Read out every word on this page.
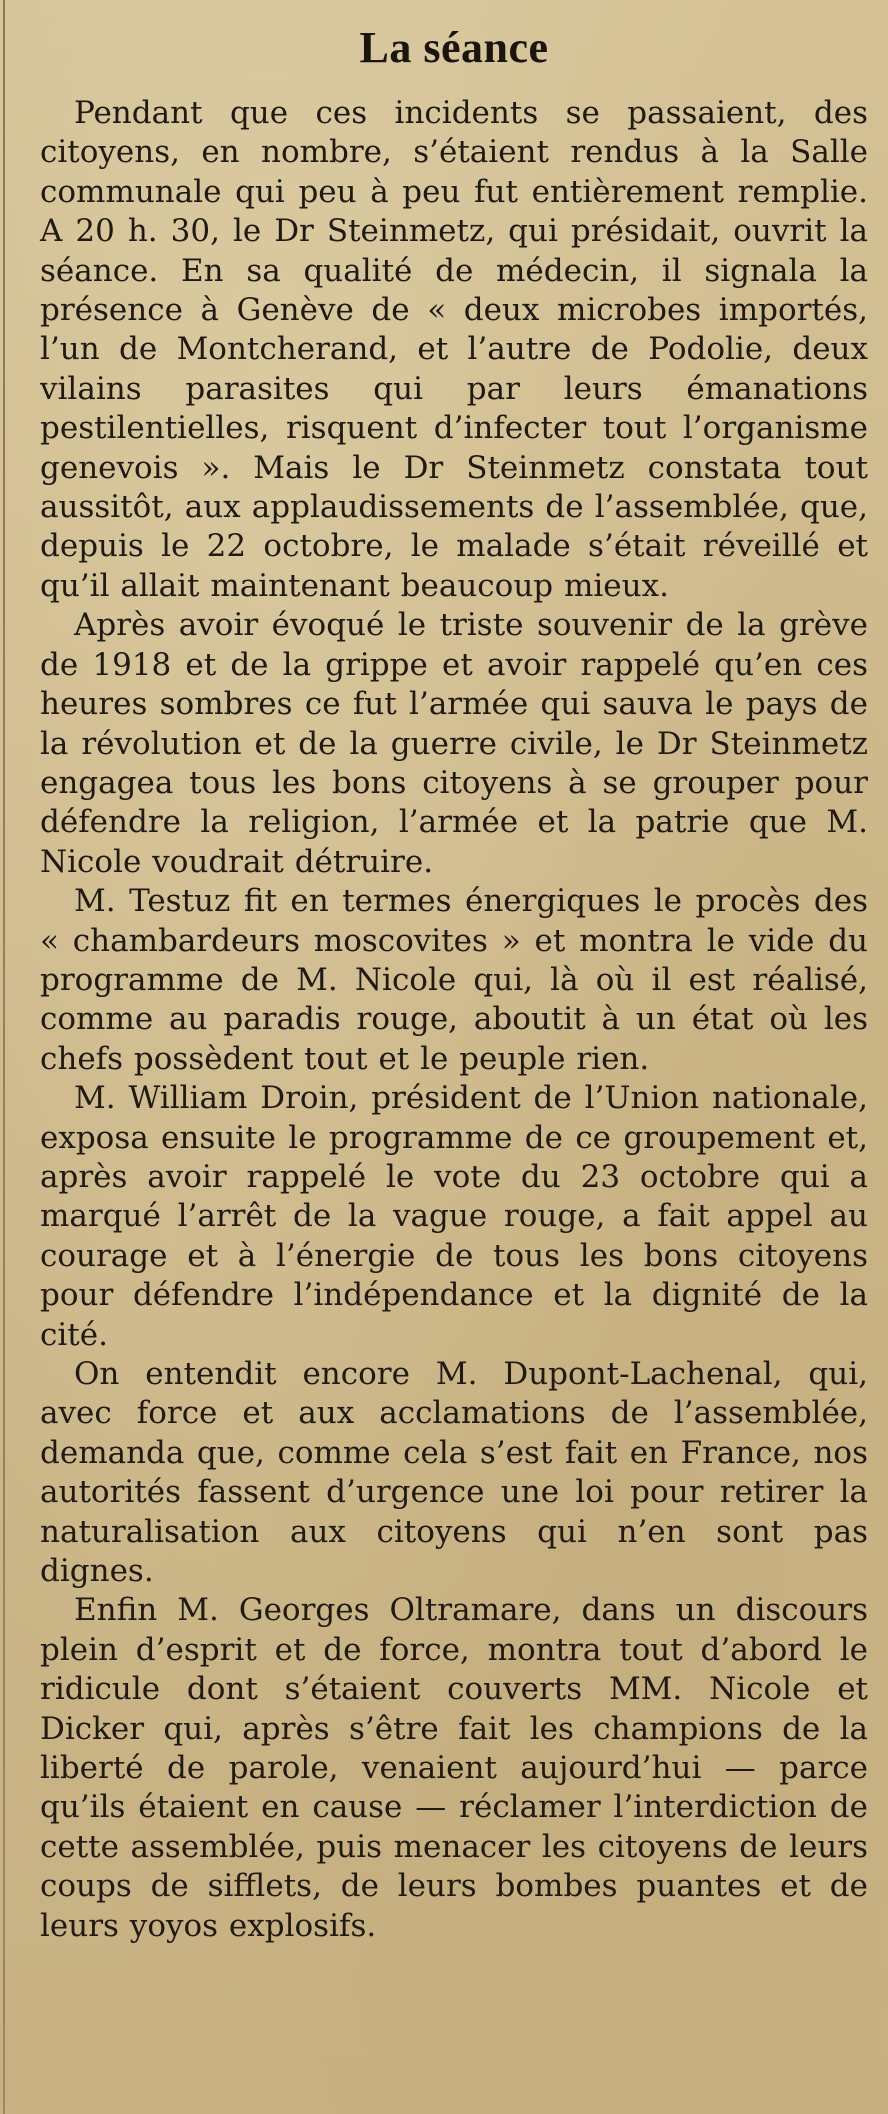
La séance

Pendant que ces incidents se passaient, des citoyens, en nombre, s’étaient rendus à la Salle communale qui peu à peu fut entièrement remplie. A 20 h. 30, le Dr Steinmetz, qui présidait, ouvrit la séance. En sa qualité de médecin, il signala la présence à Genève de « deux microbes importés, l’un de Montcherand, et l’autre de Podolie, deux vilains parasites qui par leurs émanations pestilentielles, risquent d’infecter tout l’organisme genevois ». Mais le Dr Steinmetz constata tout aussitôt, aux applaudissements de l’assemblée, que, depuis le 22 octobre, le malade s’était réveillé et qu’il allait maintenant beaucoup mieux.

Après avoir évoqué le triste souvenir de la grève de 1918 et de la grippe et avoir rappelé qu’en ces heures sombres ce fut l’armée qui sauva le pays de la révolution et de la guerre civile, le Dr Steinmetz engagea tous les bons citoyens à se grouper pour défendre la religion, l’armée et la patrie que M. Nicole voudrait détruire.

M. Testuz fit en termes énergiques le procès des « chambardeurs moscovites » et montra le vide du programme de M. Nicole qui, là où il est réalisé, comme au paradis rouge, aboutit à un état où les chefs possèdent tout et le peuple rien.

M. William Droin, président de l’Union nationale, exposa ensuite le programme de ce groupement et, après avoir rappelé le vote du 23 octobre qui a marqué l’arrêt de la vague rouge, a fait appel au courage et à l’énergie de tous les bons citoyens pour défendre l’indépendance et la dignité de la cité.

On entendit encore M. Dupont-Lachenal, qui, avec force et aux acclamations de l’assemblée, demanda que, comme cela s’est fait en France, nos autorités fassent d’urgence une loi pour retirer la naturalisation aux citoyens qui n’en sont pas dignes.

Enfin M. Georges Oltramare, dans un discours plein d’esprit et de force, montra tout d’abord le ridicule dont s’étaient couverts MM. Nicole et Dicker qui, après s’être fait les champions de la liberté de parole, venaient aujourd’hui — parce qu’ils étaient en cause — réclamer l’interdiction de cette assemblée, puis menacer les citoyens de leurs coups de sifflets, de leurs bombes puantes et de leurs yoyos explosifs.
